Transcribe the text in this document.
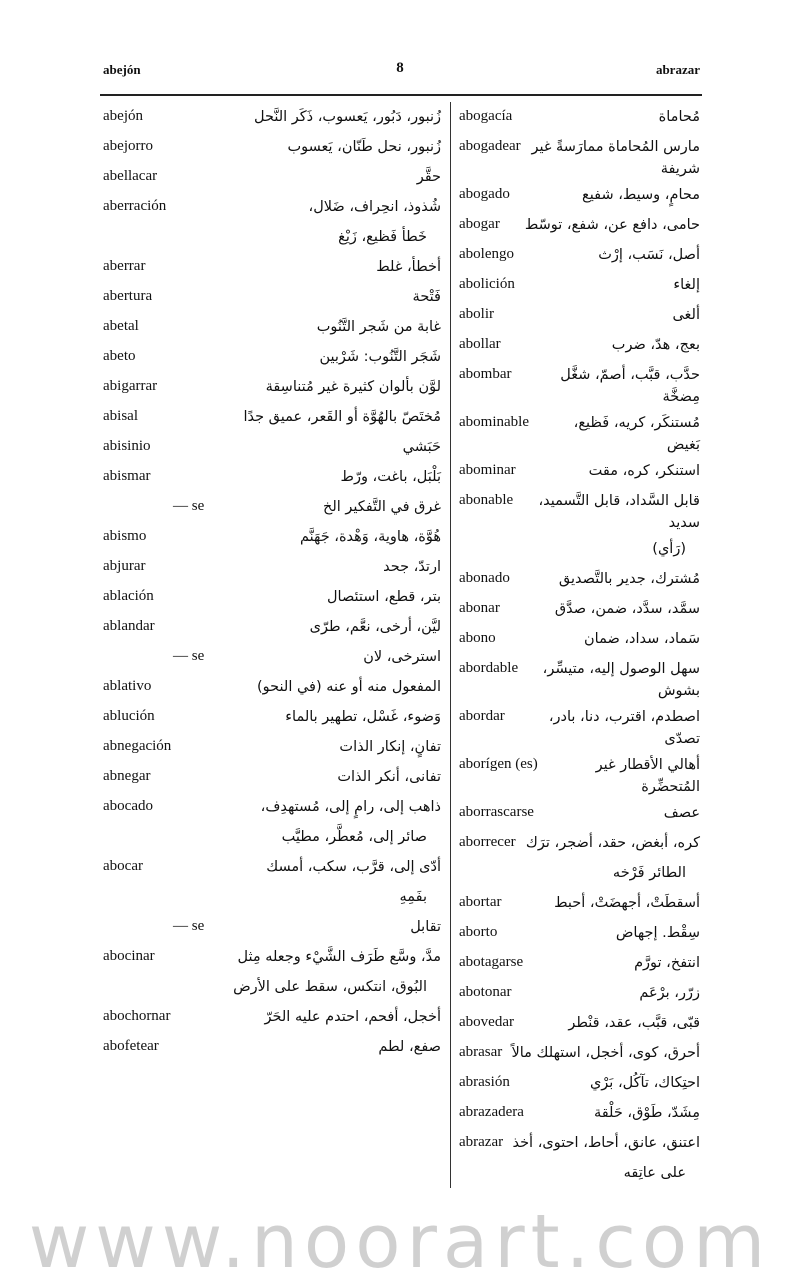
abejón	8	abrazar
abejón	زُنبور، دَبُور، يَعسوب، ذَكَر النَّحل
abejorro	زُنبور، نحل طَنّان، يَعسوب
abellacar	حقَّر
aberración	شُذوذ، انحِراف، ضَلال،
خَطأ فَظيع، زَيْغ
aberrar	أخطأ، غلط
abertura	فَتْحة
abetal	غابة من شَجر التَّنُوب
abeto	شَجَر التَّنُوب: شَرْبين
abigarrar	لوَّن بألوان كثيرة غير مُتناسِقة
abisal	مُختَصّ بالهُوَّة أو القَعر، عميق جدًا
abisinio	حَبَشي
abismar	بَلْبَل، باغت، ورّط
— se	غرق في التَّفكير الخ
abismo	هُوَّة، هاوية، وَهْدة، جَهَنَّم
abjurar	ارتدّ، جحد
ablación	بتر، قطع، استئصال
ablandar	ليَّن، أرخى، نعَّم، طرّى
— se	استرخى، لان
ablativo	المفعول منه أو عنه (في النحو)
ablución	وَضوء، غَسْل، تطهير بالماء
abnegación	تفانٍ، إنكار الذات
abnegar	تفانى، أنكر الذات
abocado	ذاهب إلى، رامٍ إلى، مُستهدِف،
صائر إلى، مُعطَّر، مطيَّب
abocar	أدّى إلى، قرَّب، سكب، أمسك
بفَمِهِ
— se	تقابل
abocinar	مدَّ، وسَّع طَرَف الشَّيْء وجعله مِثل
البُوق، انتكس، سقط على الأرض
abochornar	أخجل، أفحم، احتدم عليه الحَرّ
abofetear	صفع، لطم
abogacía	مُحاماة
abogadear مارس المُحاماة ممارَسةً غير شريفة
abogado	محامٍ، وسيط، شفيع
abogar	حامى، دافع عن، شفع، توسّط
abolengo	أصل، نَسَب، إرْث
abolición	إلغاء
abolir	ألغى
abollar	بعج، هدّ، ضرب
abombar	حدَّب، قبَّب، أصمّ، شغَّل مِضخَّة
abominable	مُستنكَر، كريه، فَظيع، بَغيض
abominar	استنكر، كره، مقت
abonable	قابل السَّداد، قابل التَّسميد، سديد
(رَأي)
abonado	مُشترك، جدير بالتَّصديق
abonar	سمَّد، سدَّد، ضمن، صدَّق
abono	سَماد، سداد، ضمان
abordable	سهل الوصول إليه، متيسِّر، بشوش
abordar	اصطدم، اقترب، دنا، بادر، تصدّى
aborígen (es)	أهالي الأقطار غير المُتحضِّرة
aborrascarse	عصف
aborrecer كره، أبغض، حقد، أضجر، ترَك
الطائر فَرْخه
abortar	أسقطَتْ، أجهضَتْ، أحبط
aborto	سِقْط. إجهاض
abotagarse	انتفخ، تورَّم
abotonar	زرّر، برْعَم
abovedar	قبّى، قبَّب، عقد، قنْطر
abrasar أحرق، كوى، أخجل، استهلك مالاً
abrasión	احتِكاك، تآكُل، بَرْي
abrazadera	مِشَدّ، طَوْق، حَلْقة
abrazar اعتنق، عانق، أحاط، احتوى، أخذ
على عاتِقه
www.noorart.com
